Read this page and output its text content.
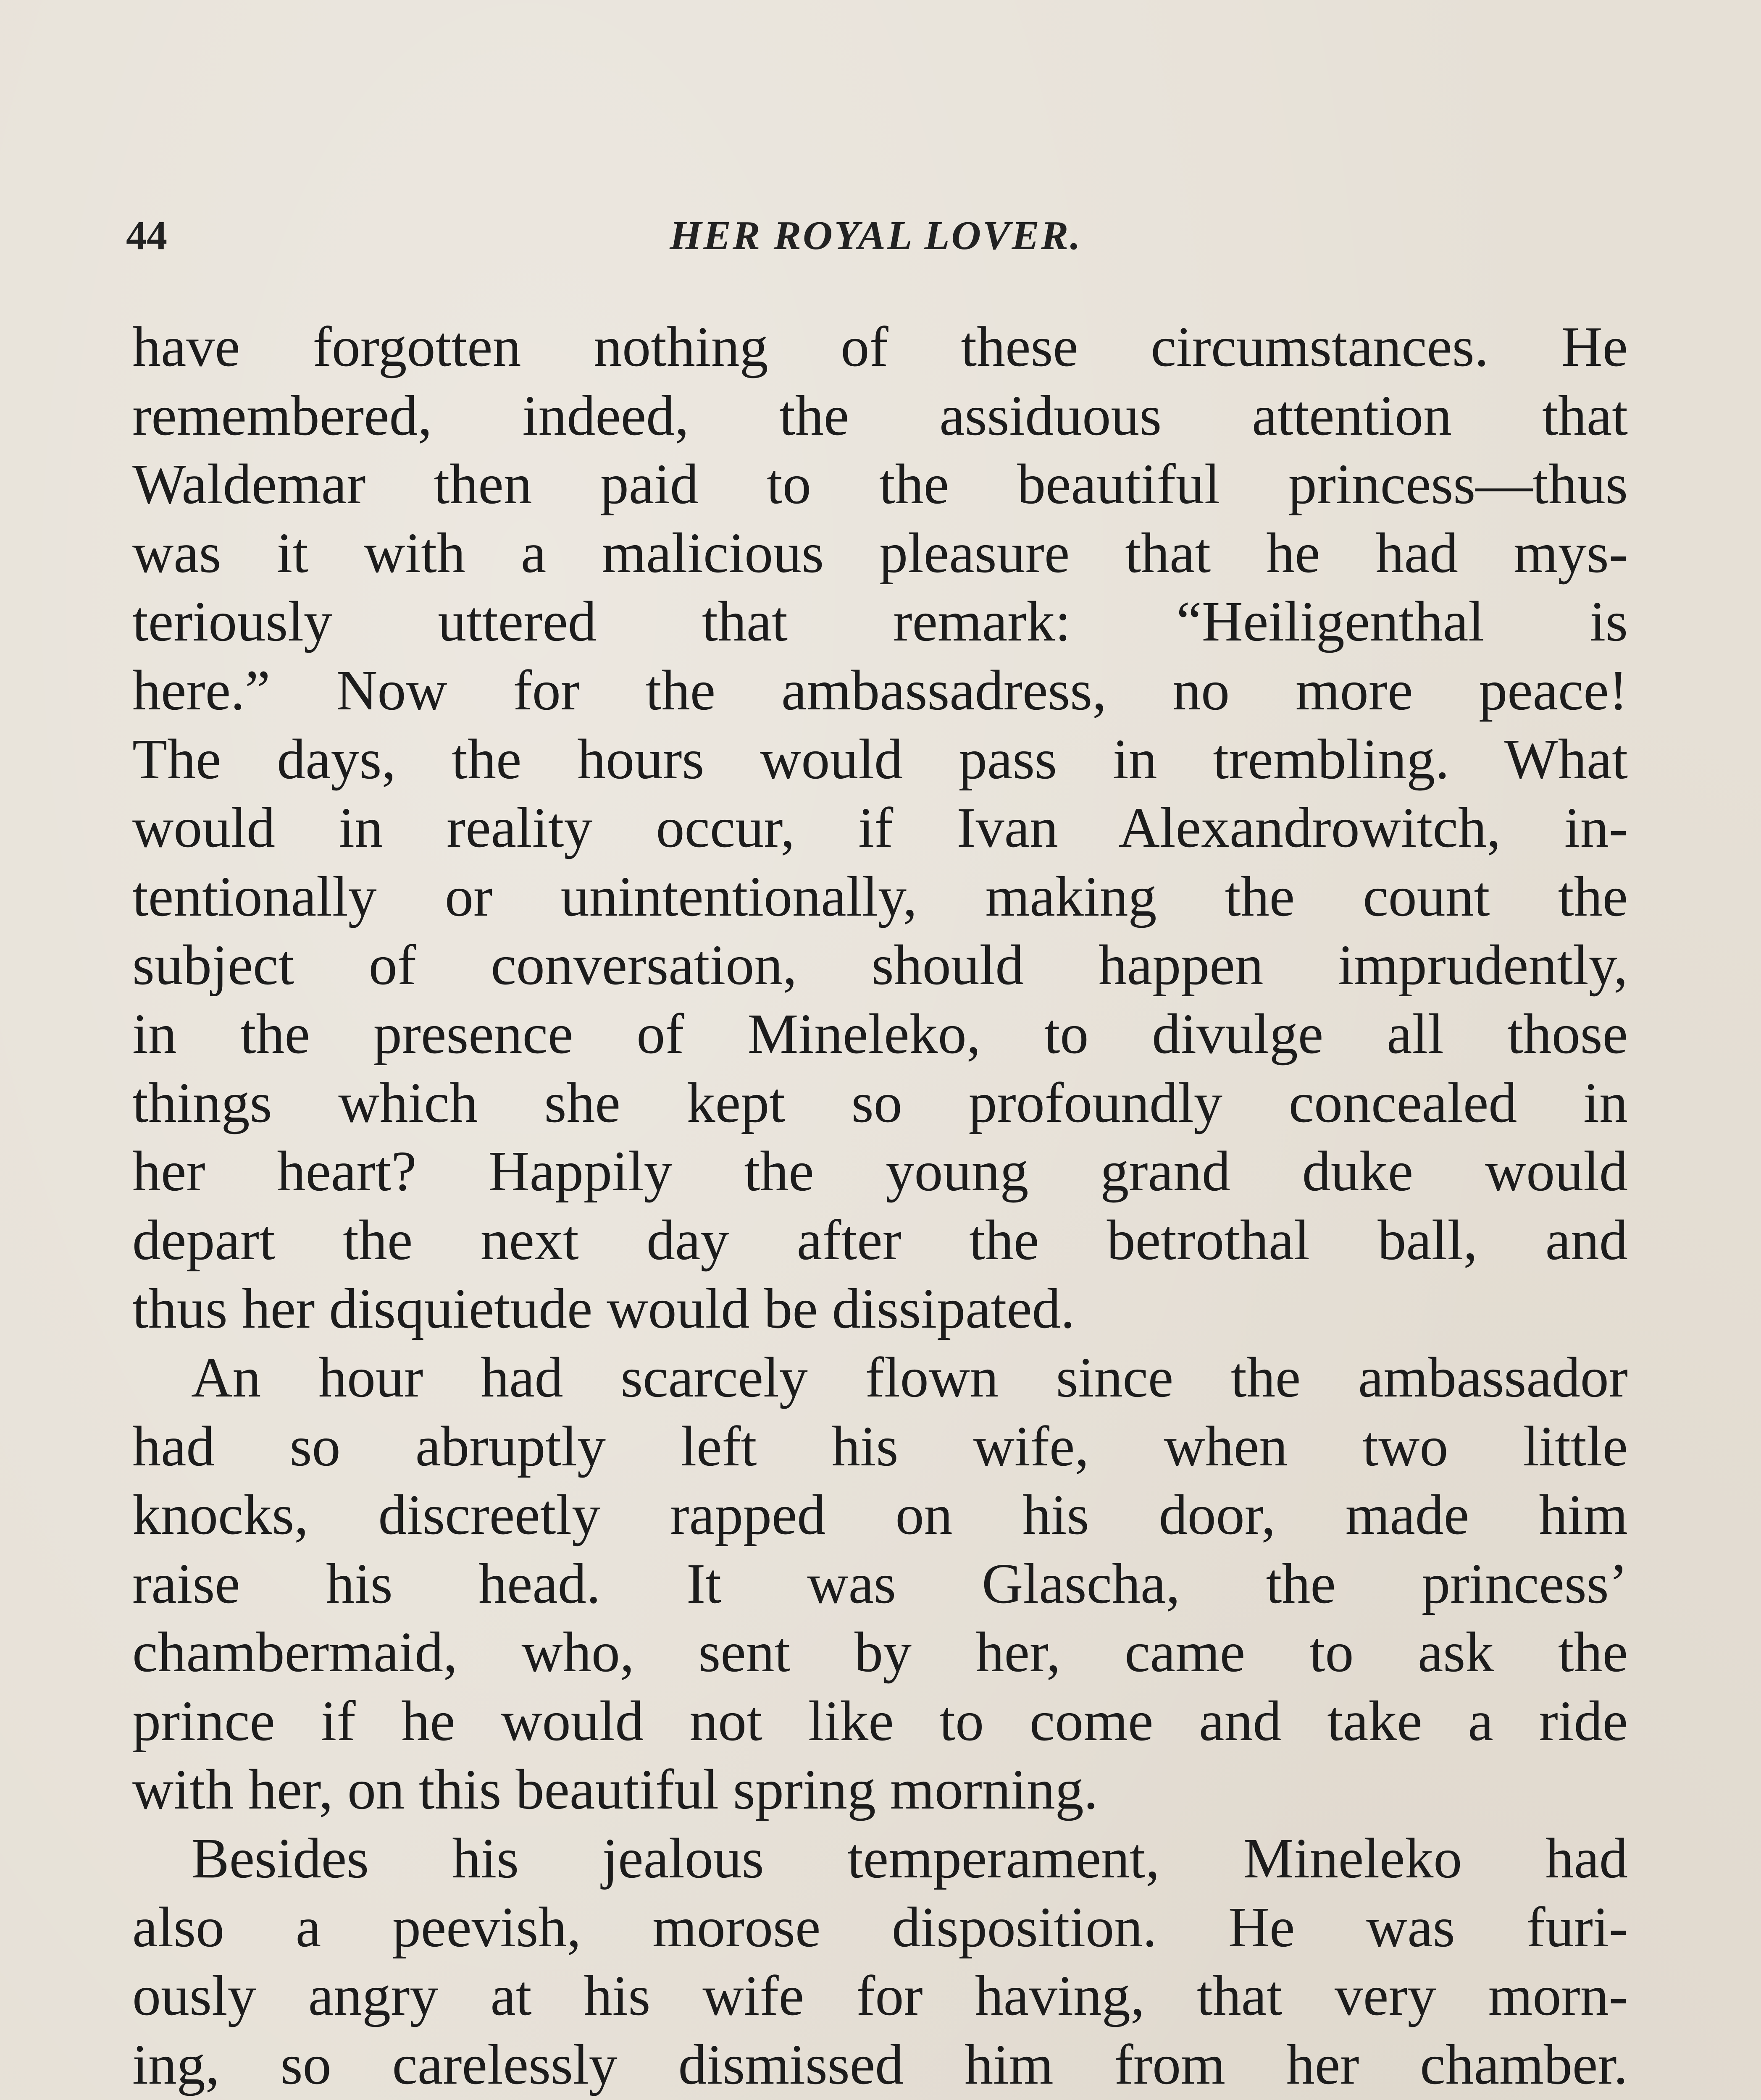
44	HER ROYAL LOVER.
have forgotten nothing of these circumstances. He
remembered, indeed, the assiduous attention that
Waldemar then paid to the beautiful princess—thus
was it with a malicious pleasure that he had mys-
teriously uttered that remark: “Heiligenthal is
here.” Now for the ambassadress, no more peace!
The days, the hours would pass in trembling. What
would in reality occur, if Ivan Alexandrowitch, in-
tentionally or unintentionally, making the count the
subject of conversation, should happen imprudently,
in the presence of Mineleko, to divulge all those
things which she kept so profoundly concealed in
her heart? Happily the young grand duke would
depart the next day after the betrothal ball, and
thus her disquietude would be dissipated.
An hour had scarcely flown since the ambassador
had so abruptly left his wife, when two little
knocks, discreetly rapped on his door, made him
raise his head. It was Glascha, the princess’
chambermaid, who, sent by her, came to ask the
prince if he would not like to come and take a ride
with her, on this beautiful spring morning.
Besides his jealous temperament, Mineleko had
also a peevish, morose disposition. He was furi-
ously angry at his wife for having, that very morn-
ing, so carelessly dismissed him from her chamber.
